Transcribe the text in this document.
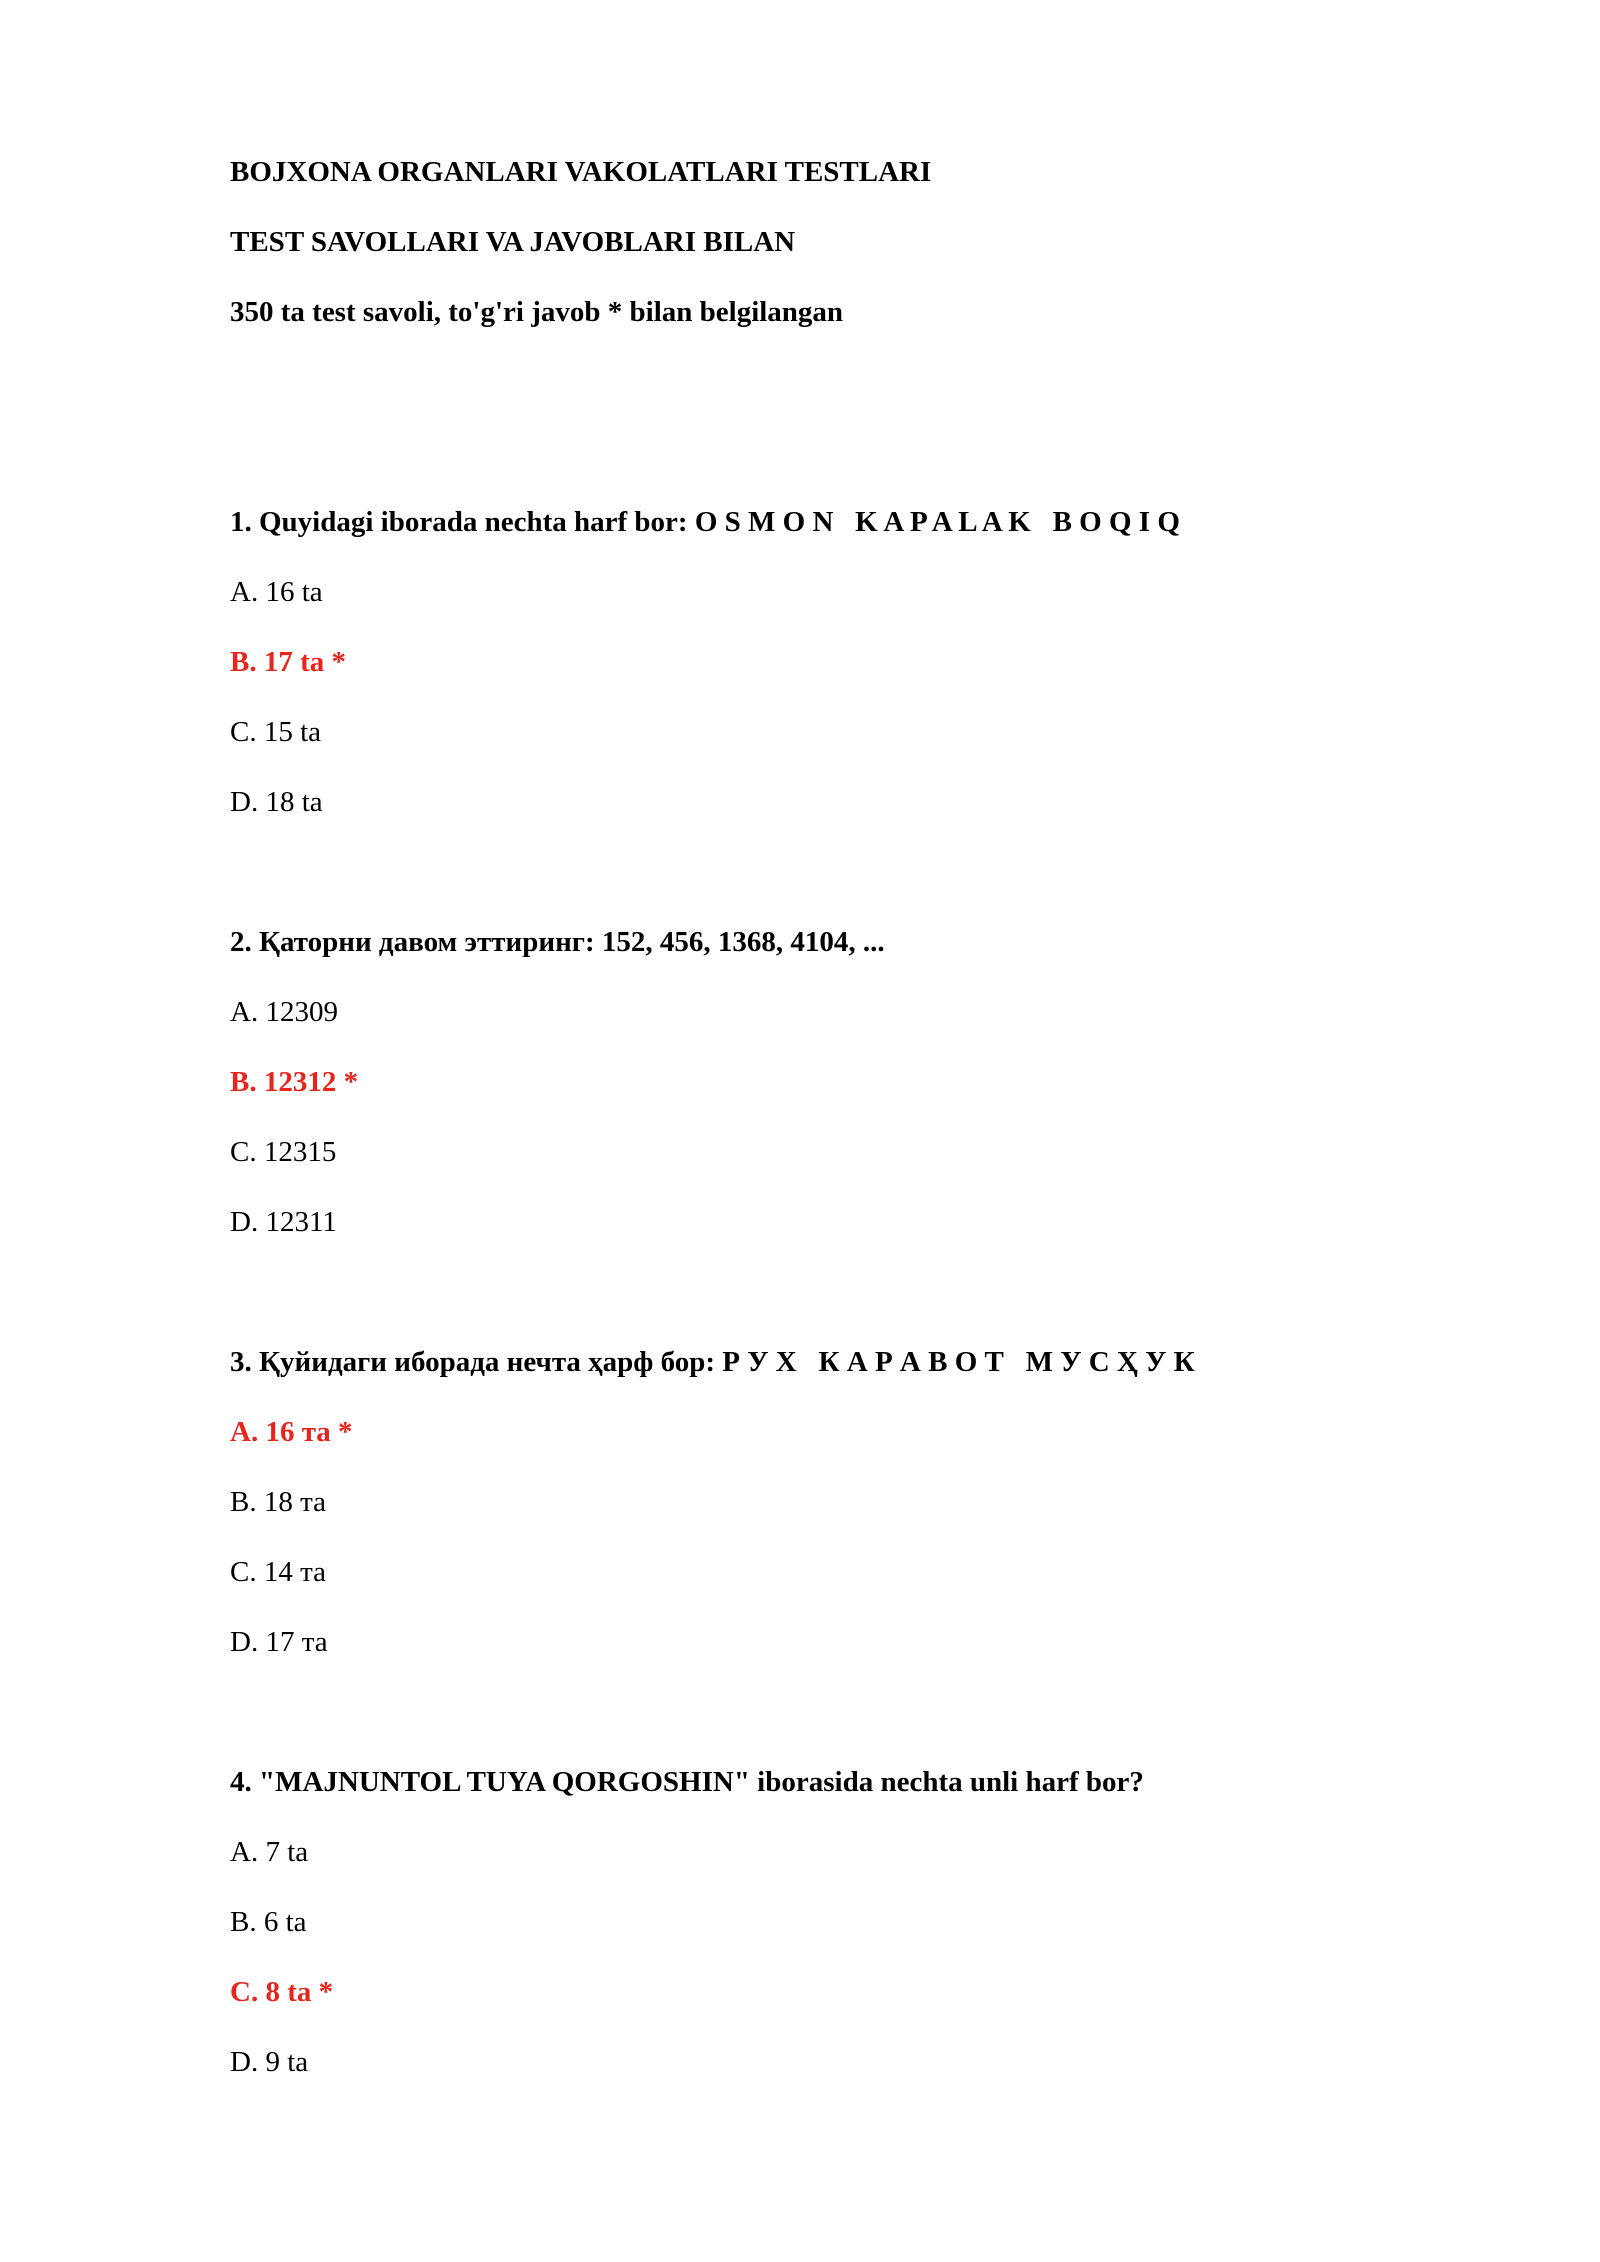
BOJXONA ORGANLARI VAKOLATLARI TESTLARI
TEST SAVOLLARI VA JAVOBLARI BILAN
350 ta test savoli, to'g'ri javob * bilan belgilangan
1. Quyidagi iborada nechta harf bor: O S M O N   K A P A L A K   B O Q I Q
A. 16 ta
B. 17 ta *
C. 15 ta
D. 18 ta
2. Қаторни давом эттиринг: 152, 456, 1368, 4104, ...
A. 12309
B. 12312 *
C. 12315
D. 12311
3. Қуйидаги иборада нечта ҳарф бор: Р У Х   К А Р А В О Т   М У С Ҳ У К
A. 16 та *
B. 18 та
C. 14 та
D. 17 та
4. "MAJNUNTOL TUYA QORGOSHIN" iborasida nechta unli harf bor?
A. 7 ta
B. 6 ta
C. 8 ta *
D. 9 ta
